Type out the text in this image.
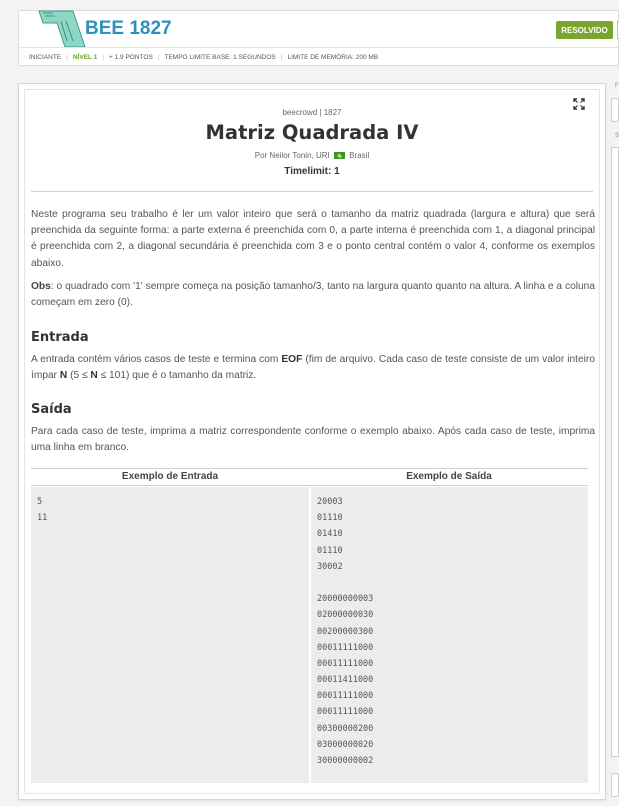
BEE 1827	RESOLVIDO
INICIANTE | NÍVEL 1 | + 1.9 PONTOS | TEMPO LIMITE BASE: 1 SEGUNDOS | LIMITE DE MEMÓRIA: 200 MB
beecrowd | 1827
Matriz Quadrada IV
Por Neilor Tonin, URI Brasil
Timelimit: 1
Neste programa seu trabalho é ler um valor inteiro que será o tamanho da matriz quadrada (largura e altura) que será preenchida da seguinte forma: a parte externa é preenchida com 0, a parte interna é preenchida com 1, a diagonal principal é preenchida com 2, a diagonal secundária é preenchida com 3 e o ponto central contém o valor 4, conforme os exemplos abaixo.
Obs: o quadrado com '1' sempre começa na posição tamanho/3, tanto na largura quanto quanto na altura. A linha e a coluna começam em zero (0).
Entrada
A entrada contém vários casos de teste e termina com EOF (fim de arquivo. Cada caso de teste consiste de um valor inteiro ímpar N (5 ≤ N ≤ 101) que é o tamanho da matriz.
Saída
Para cada caso de teste, imprima a matriz correspondente conforme o exemplo abaixo. Após cada caso de teste, imprima uma linha em branco.
Exemplo de Entrada	Exemplo de Saída
5
11
20003
01110
01410
01110
30002
20000000003
02000000030
00200000300
00011111000
00011111000
00011411000
00011111000
00011111000
00300000200
03000000020
30000000002
F
S
